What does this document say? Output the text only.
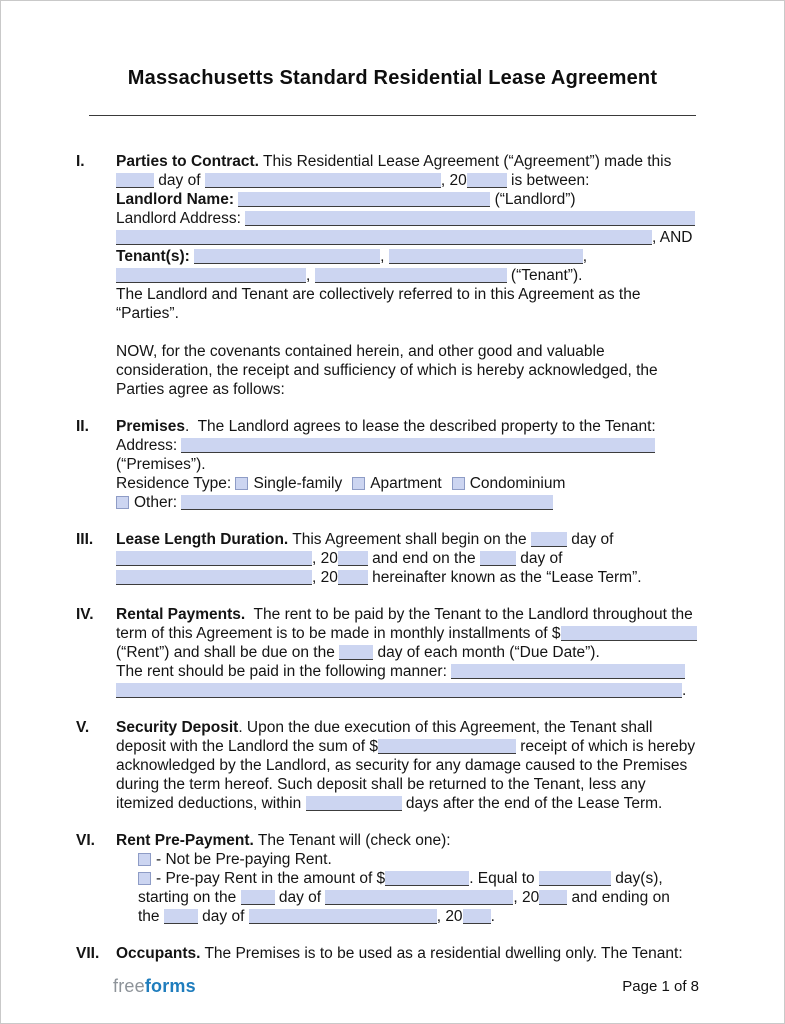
Massachusetts Standard Residential Lease Agreement
I.	Parties to Contract. This Residential Lease Agreement (“Agreement”) made this
day of	, 20	is between:
Landlord Name:	(“Landlord”)
Landlord Address:
, AND
Tenant(s):	,	,
,	(“Tenant”).
The Landlord and Tenant are collectively referred to in this Agreement as the
“Parties”.
NOW, for the covenants contained herein, and other good and valuable
consideration, the receipt and sufficiency of which is hereby acknowledged, the
Parties agree as follows:
II.	Premises.  The Landlord agrees to lease the described property to the Tenant:
Address:
(“Premises”).
Residence Type: Single-family Apartment Condominium
Other:
III.	Lease Length Duration. This Agreement shall begin on the  day of
, 20 and end on the  day of
, 20 hereinafter known as the “Lease Term”.
IV.	Rental Payments.  The rent to be paid by the Tenant to the Landlord throughout the
term of this Agreement is to be made in monthly installments of $
(“Rent”) and shall be due on the  day of each month (“Due Date”).
The rent should be paid in the following manner:
.
V.	Security Deposit. Upon the due execution of this Agreement, the Tenant shall
deposit with the Landlord the sum of $	receipt of which is hereby
acknowledged by the Landlord, as security for any damage caused to the Premises
during the term hereof. Such deposit shall be returned to the Tenant, less any
itemized deductions, within	days after the end of the Lease Term.
VI.	Rent Pre-Payment. The Tenant will (check one):
- Not be Pre-paying Rent.
- Pre-pay Rent in the amount of $	. Equal to	day(s),
starting on the  day of	, 20 and ending on
the  day of	, 20 .
VII.	Occupants. The Premises is to be used as a residential dwelling only. The Tenant:
freeforms	Page 1 of 8
